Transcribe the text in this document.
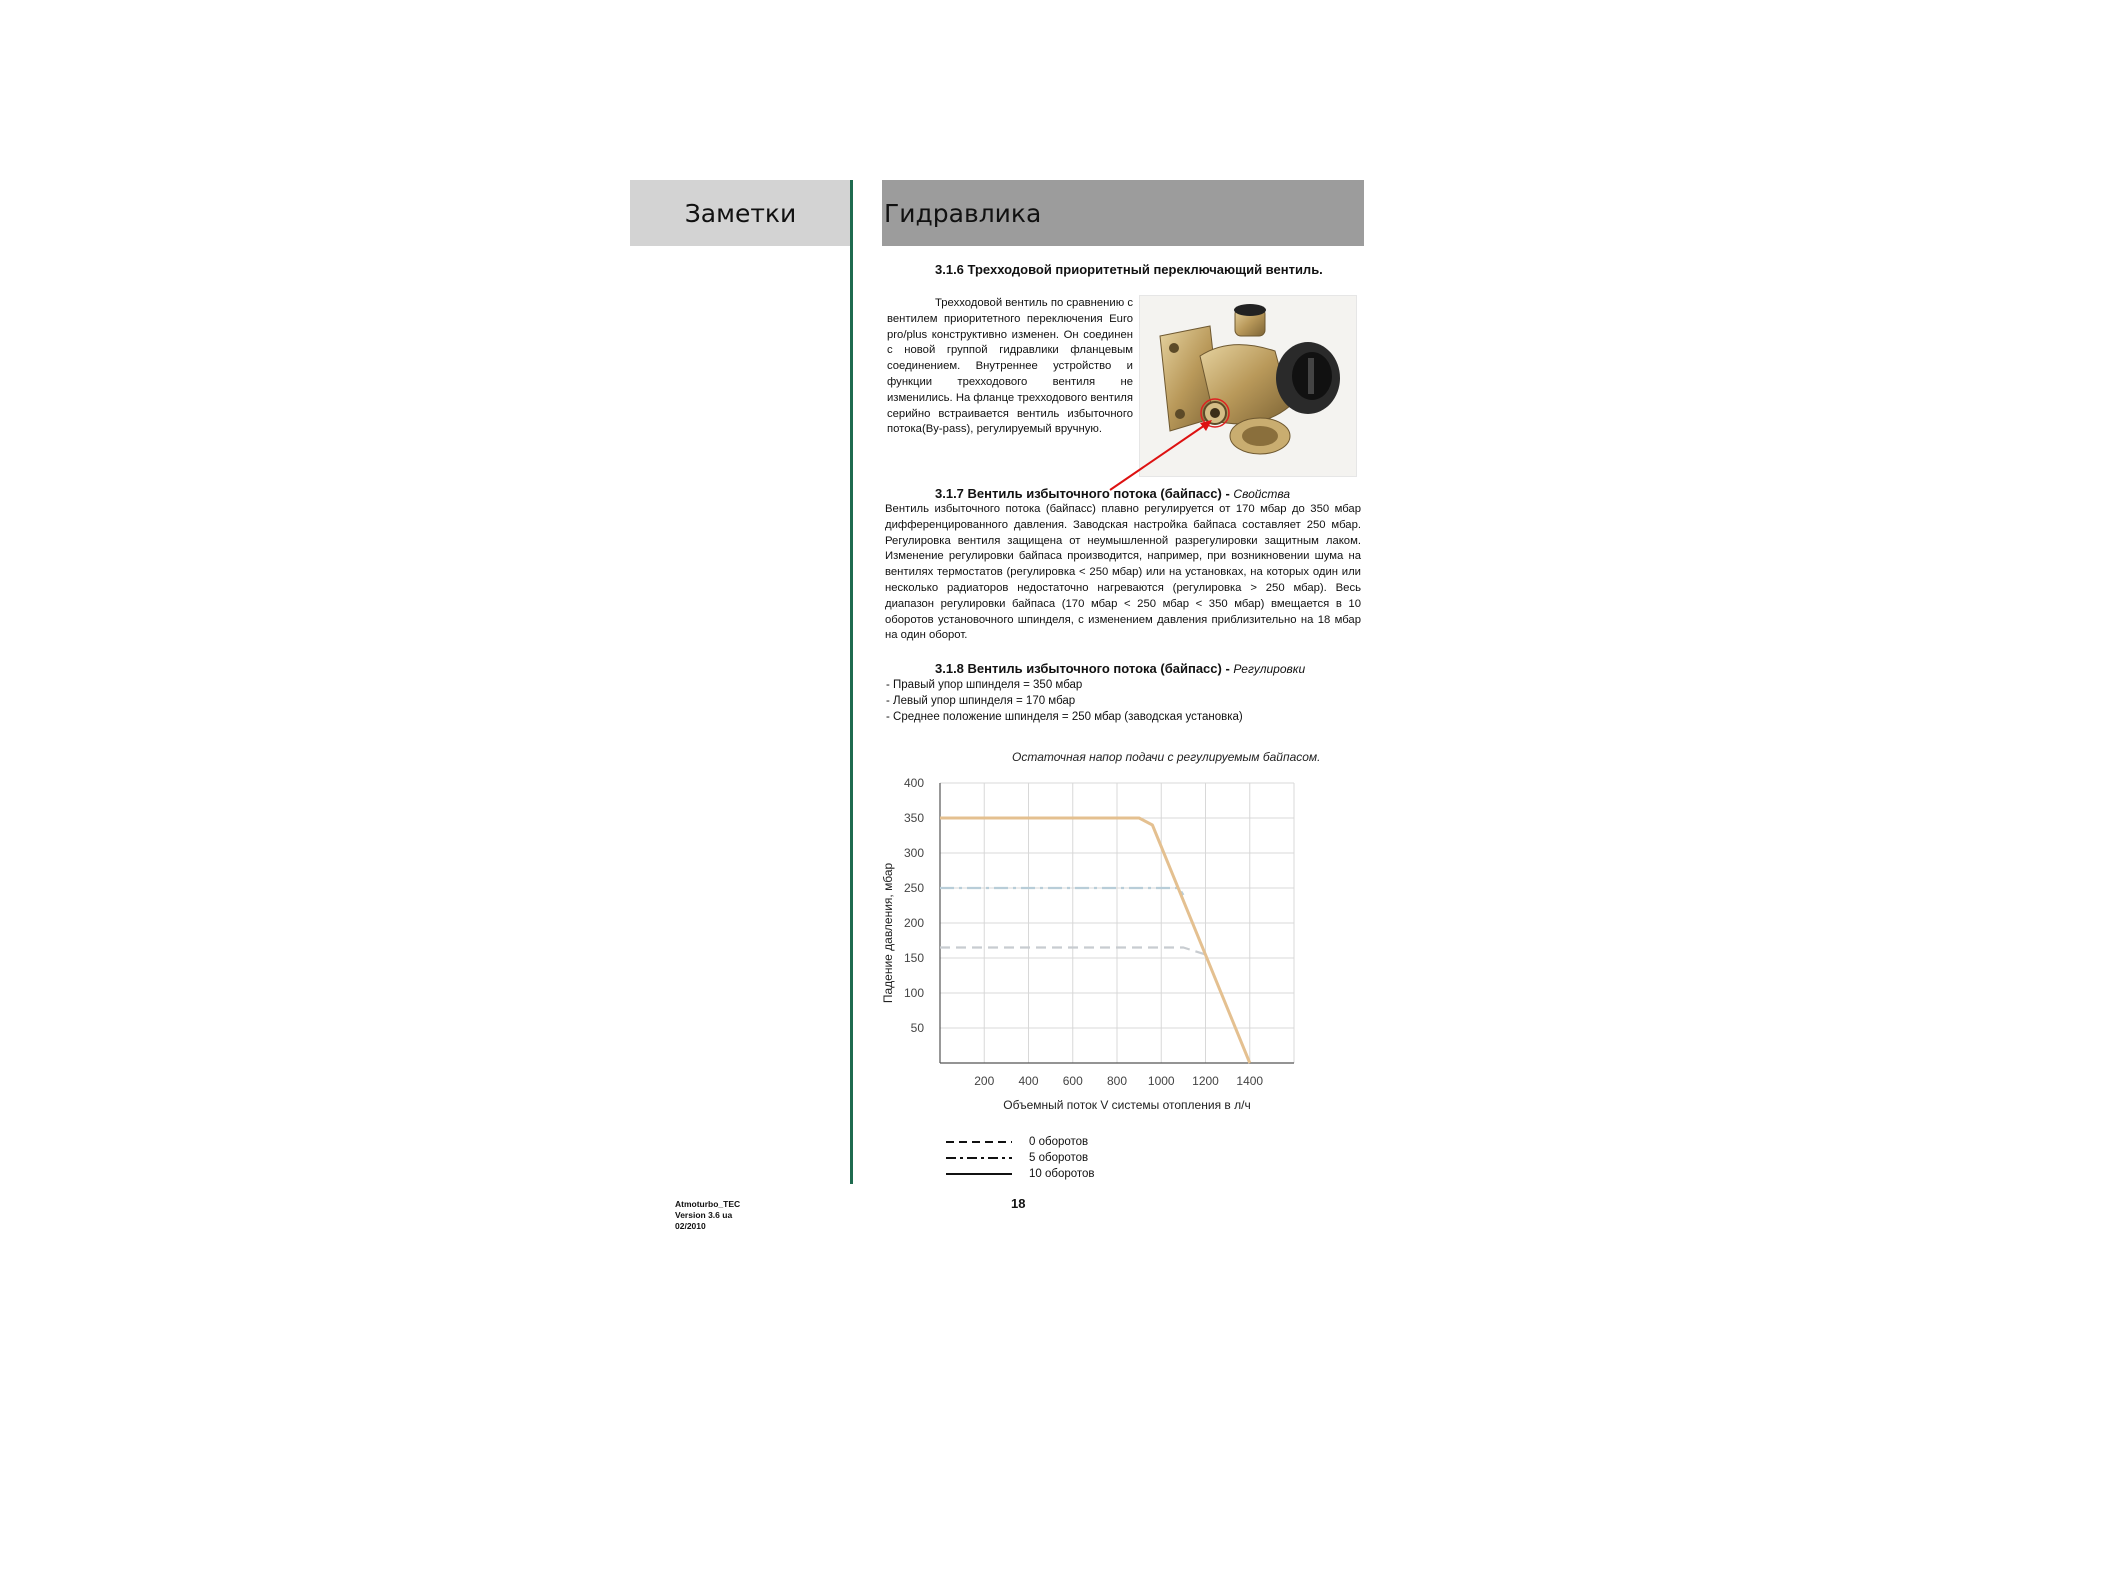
Заметки	Гидравлика
3.1.6 Трехходовой приоритетный переключающий вентиль.
Трехходовой вентиль по сравнению с вентилем приоритетного переключения Euro pro/plus конструктивно изменен. Он соединен с новой группой гидравлики фланцевым соединением. Внутреннее устройство и функции трехходового вентиля не изменились. На фланце трехходового вентиля серийно встраивается вентиль избыточного потока(By-pass), регулируемый вручную.
3.1.7 Вентиль избыточного потока (байпасс) - Свойства
Вентиль избыточного потока (байпасс) плавно регулируется от 170 мбар до 350 мбар дифференцированного давления. Заводская настройка байпаса составляет 250 мбар. Регулировка вентиля защищена от неумышленной разрегулировки защитным лаком. Изменение регулировки байпаса производится, например, при возникновении шума на вентилях термостатов (регулировка < 250 мбар) или на установках, на которых один или несколько радиаторов недостаточно нагреваются (регулировка > 250 мбар). Весь диапазон регулировки байпаса (170 мбар < 250 мбар < 350 мбар) вмещается в 10 оборотов установочного шпинделя, с изменением давления приблизительно на 18 мбар на один оборот.
3.1.8 Вентиль избыточного потока (байпасс) - Регулировки
- Правый упор шпинделя = 350 мбар
- Левый упор шпинделя = 170 мбар
- Среднее положение шпинделя = 250 мбар (заводская установка)
Остаточная напор подачи с регулируемым байпасом.
200 400 600 800 1000 1200 1400
50
100
150
200
250
300
350
400
Объемный поток V системы отопления в л/ч
Падение давления, мбар
0 оборотов
5 оборотов
10 оборотов
Atmoturbo_TEC
Version 3.6 ua
02/2010
18
